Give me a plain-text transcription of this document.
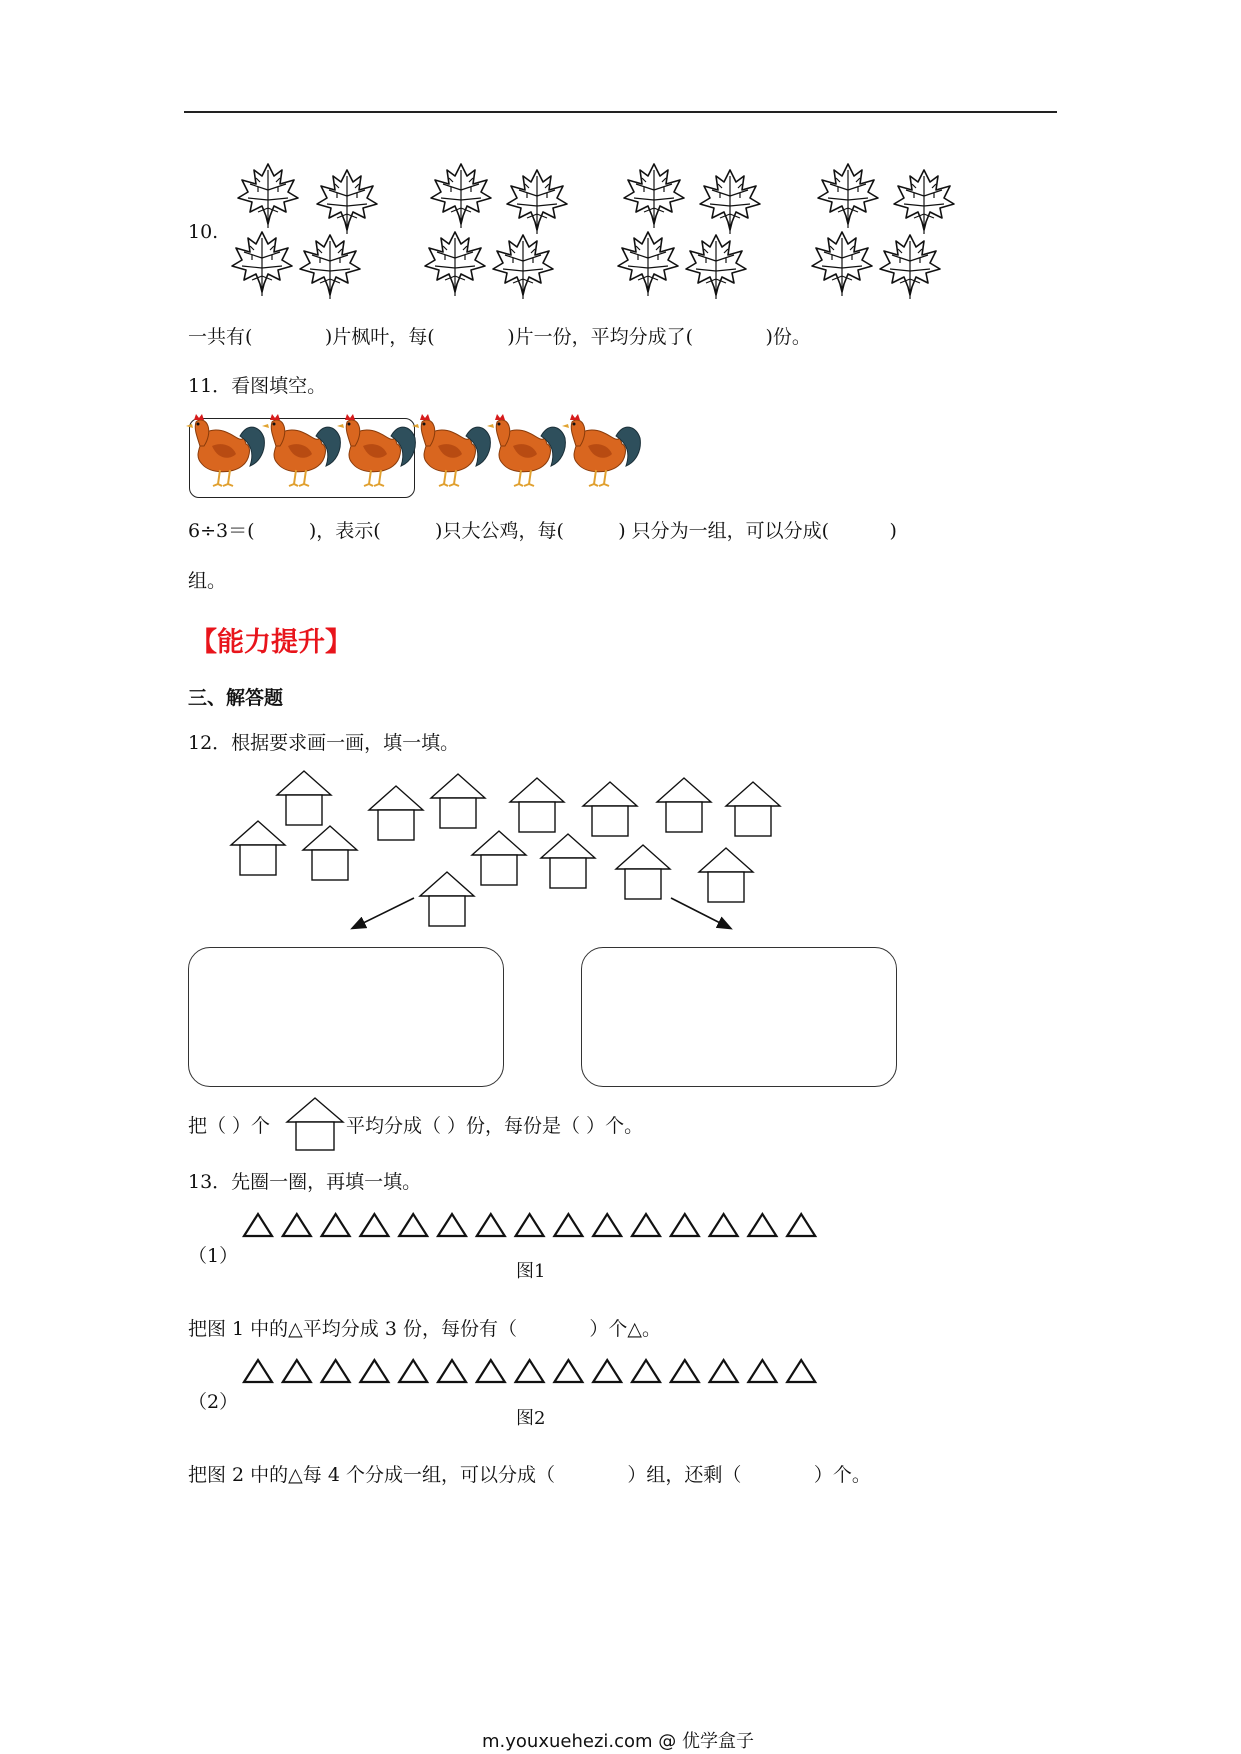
10.
一共有(            )片枫叶，每(            )片一份，平均分成了(            )份。
11．看图填空。
6÷3＝(         )，表示(         )只大公鸡，每(         ) 只分为一组，可以分成(          )
组。
【能力提升】
三、解答题
12．根据要求画一画，填一填。
把（ ）个	平均分成（ ）份，每份是（ ）个。
13．先圈一圈，再填一填。
（1）
图1
把图 1 中的△平均分成 3 份，每份有（            ）个△。
（2）
图2
把图 2 中的△每 4 个分成一组，可以分成（            ）组，还剩（            ）个。
m.youxuehezi.com @ 优学盒子
